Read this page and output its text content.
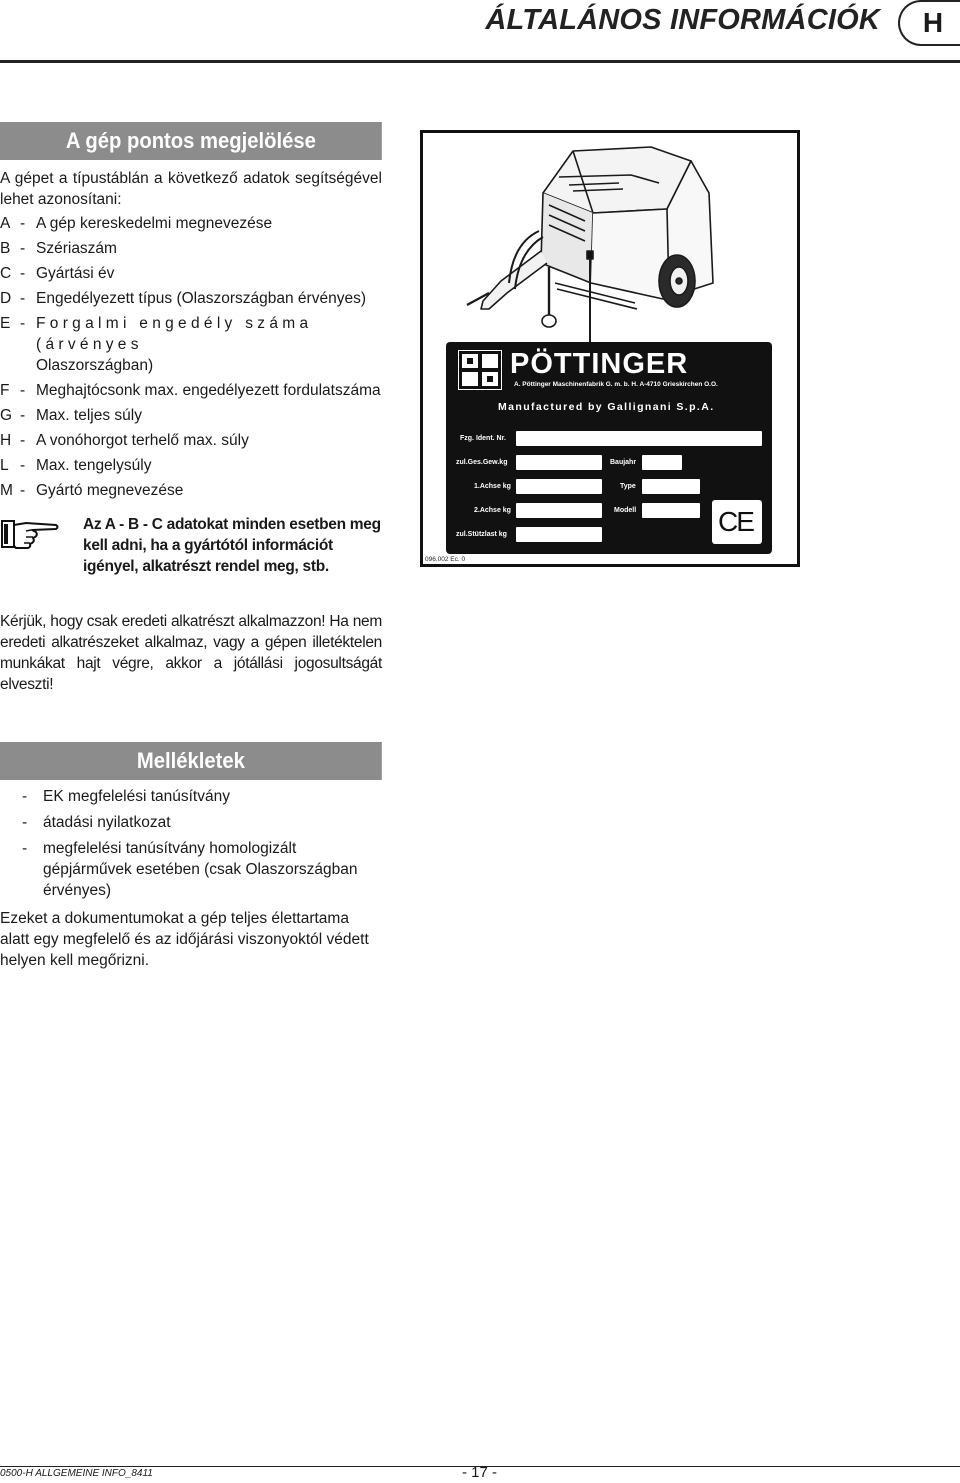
ÁLTALÁNOS INFORMÁCIÓK	H
A gép pontos megjelölése
A gépet a típustáblán a következő adatok segítségével lehet azonosítani:
A - A gép kereskedelmi megnevezése
B - Szériaszám
C - Gyártási év
D - Engedélyezett típus (Olaszországban érvényes)
E - Forgalmi engedély száma (árvényes
Olaszországban)
F - Meghajtócsonk max. engedélyezett fordulatszáma
G - Max. teljes súly
H - A vonóhorgot terhelő max. súly
L - Max. tengelysúly
M - Gyártó megnevezése
Az A - B - C adatokat minden esetben meg kell adni, ha a gyártótól információt igényel, alkatrészt rendel meg, stb.
PÖTTINGER
A. Pöttinger Maschinenfabrik G. m. b. H. A-4710 Grieskirchen O.O.
Manufactured by Gallignani S.p.A.
Fzg. Ident. Nr.
zul.Ges.Gew.kg	Baujahr
1.Achse kg	Type
2.Achse kg	Modell
zul.Stützlast kg	CE
096.002 Ec. 0
Kérjük, hogy csak eredeti alkatrészt alkalmazzon! Ha nem eredeti alkatrészeket alkalmaz, vagy a gépen illetéktelen munkákat hajt végre, akkor a jótállási jogosultságát elveszti!
Mellékletek
-	EK megfelelési tanúsítvány
-	átadási nyilatkozat
-	megfelelési tanúsítvány homologizált gépjárművek esetében (csak Olaszországban érvényes)
Ezeket a dokumentumokat a gép teljes élettartama alatt egy megfelelő és az időjárási viszonyoktól védett helyen kell megőrizni.
0500-H ALLGEMEINE INFO_8411	- 17 -
